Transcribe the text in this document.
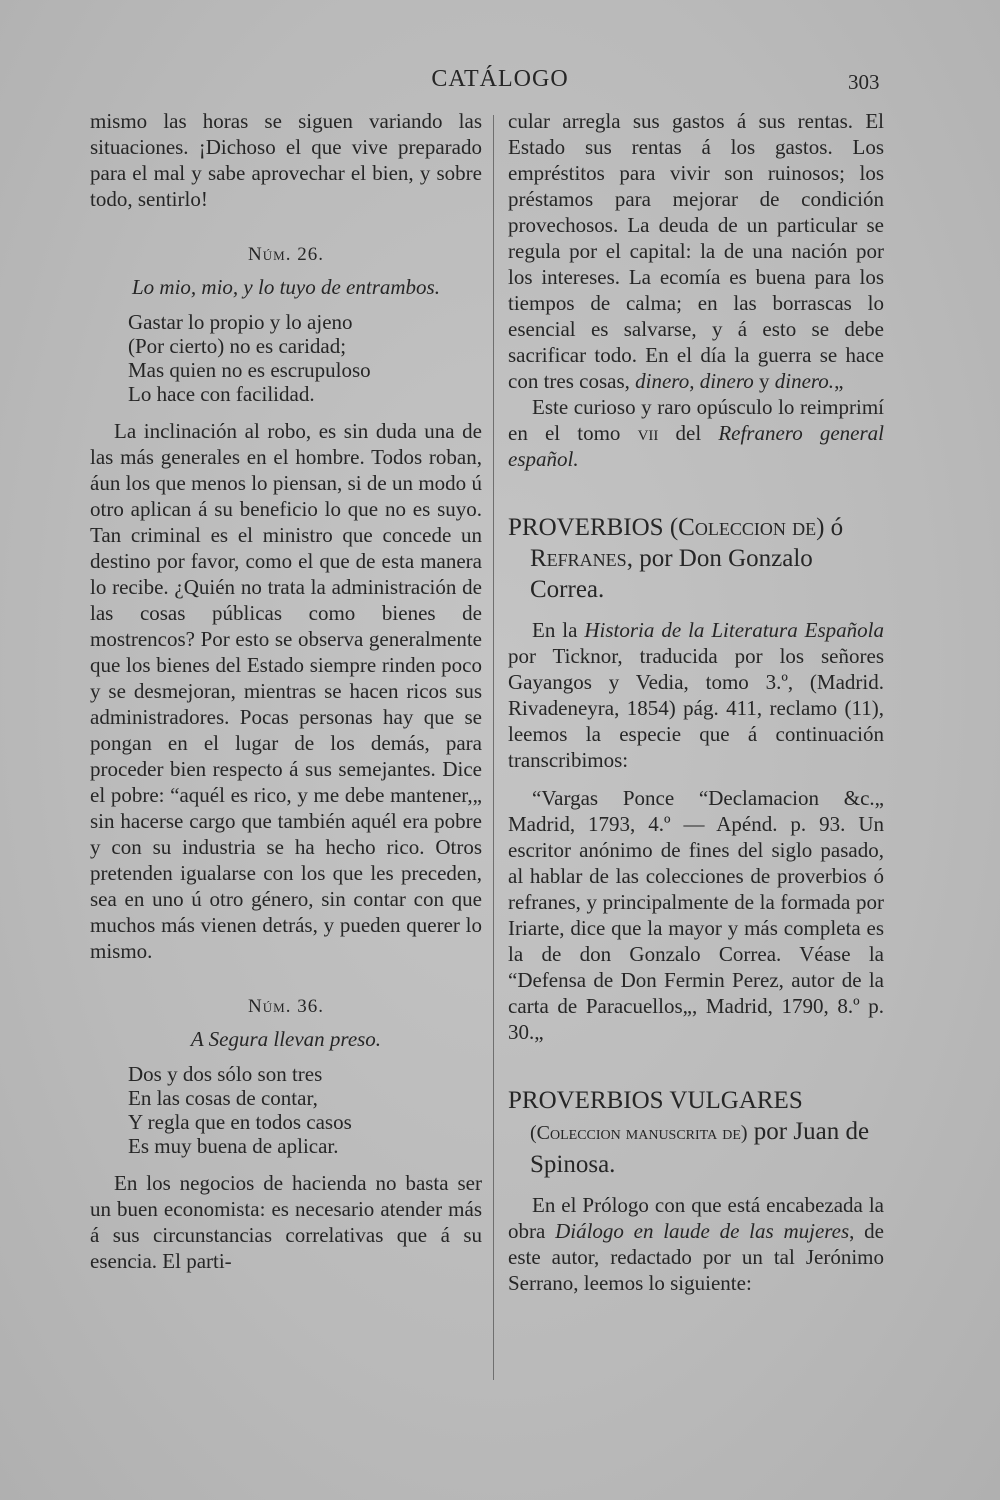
CATÁLOGO	303

mismo las horas se siguen variando las situaciones. ¡Dichoso el que vive preparado para el mal y sabe aprovechar el bien, y sobre todo, sentirlo!

Núm. 26.

Lo mio, mio, y lo tuyo de entrambos.

Gastar lo propio y lo ajeno
(Por cierto) no es caridad;
Mas quien no es escrupuloso
Lo hace con facilidad.

La inclinación al robo, es sin duda una de las más generales en el hombre. Todos roban, áun los que menos lo piensan, si de un modo ú otro aplican á su beneficio lo que no es suyo. Tan criminal es el ministro que concede un destino por favor, como el que de esta manera lo recibe. ¿Quién no trata la administración de las cosas públicas como bienes de mostrencos? Por esto se observa generalmente que los bienes del Estado siempre rinden poco y se desmejoran, mientras se hacen ricos sus administradores. Pocas personas hay que se pongan en el lugar de los demás, para proceder bien respecto á sus semejantes. Dice el pobre: “aquél es rico, y me debe mantener,„ sin hacerse cargo que también aquél era pobre y con su industria se ha hecho rico. Otros pretenden igualarse con los que les preceden, sea en uno ú otro género, sin contar con que muchos más vienen detrás, y pueden querer lo mismo.

Núm. 36.

A Segura llevan preso.

Dos y dos sólo son tres
En las cosas de contar,
Y regla que en todos casos
Es muy buena de aplicar.

En los negocios de hacienda no basta ser un buen economista: es necesario atender más á sus circunstancias correlativas que á su esencia. El parti-

cular arregla sus gastos á sus rentas. El Estado sus rentas á los gastos. Los empréstitos para vivir son ruinosos; los préstamos para mejorar de condición provechosos. La deuda de un particular se regula por el capital: la de una nación por los intereses. La ecomía es buena para los tiempos de calma; en las borrascas lo esencial es salvarse, y á esto se debe sacrificar todo. En el día la guerra se hace con tres cosas, dinero, dinero y dinero.„

Este curioso y raro opúsculo lo reimprimí en el tomo vii del Refranero general español.

PROVERBIOS (Coleccion de) ó Refranes, por Don Gonzalo Correa.

En la Historia de la Literatura Española por Ticknor, traducida por los señores Gayangos y Vedia, tomo 3.º, (Madrid. Rivadeneyra, 1854) pág. 411, reclamo (11), leemos la especie que á continuación transcribimos:

“Vargas Ponce “Declamacion &c.„ Madrid, 1793, 4.º — Apénd. p. 93. Un escritor anónimo de fines del siglo pasado, al hablar de las colecciones de proverbios ó refranes, y principalmente de la formada por Iriarte, dice que la mayor y más completa es la de don Gonzalo Correa. Véase la “Defensa de Don Fermin Perez, autor de la carta de Paracuellos„, Madrid, 1790, 8.º p. 30.„

PROVERBIOS VULGARES (Coleccion manuscrita de) por Juan de Spinosa.

En el Prólogo con que está encabezada la obra Diálogo en laude de las mujeres, de este autor, redactado por un tal Jerónimo Serrano, leemos lo siguiente:
